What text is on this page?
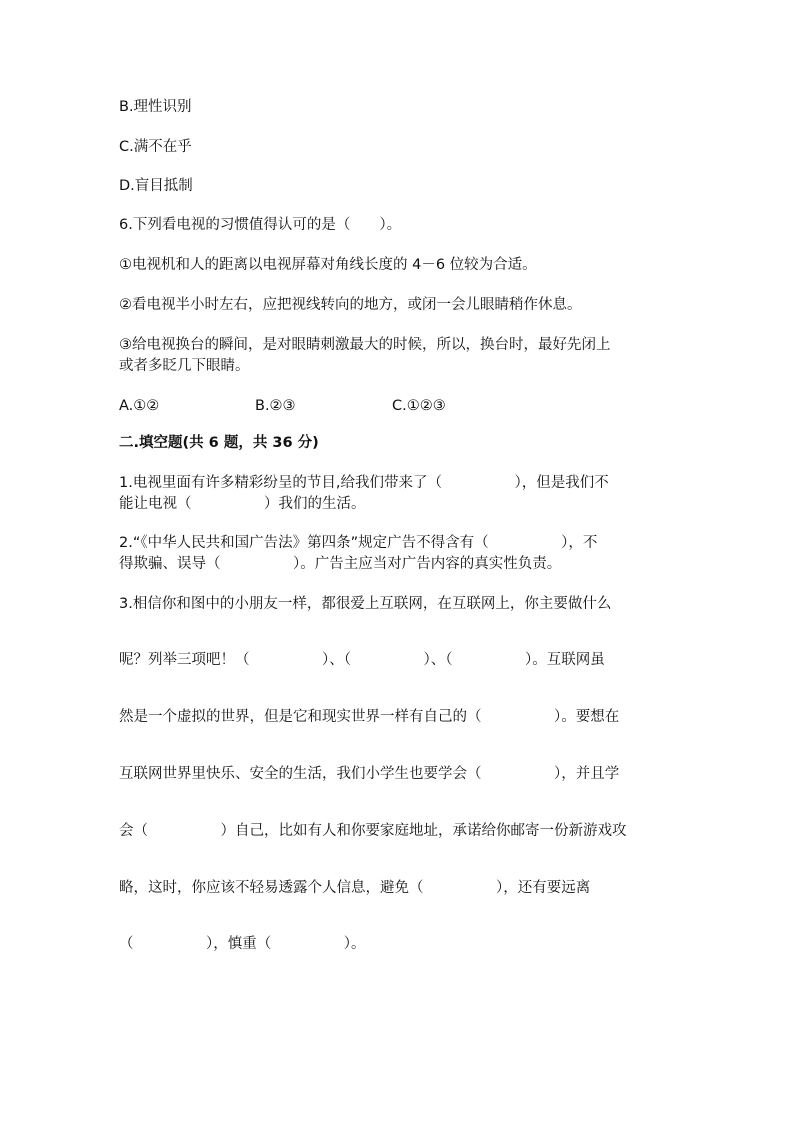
B.理性识别
C.满不在乎
D.盲目抵制
6.下列看电视的习惯值得认可的是（　　）。
①电视机和人的距离以电视屏幕对角线长度的 4－6 位较为合适。
②看电视半小时左右，应把视线转向的地方，或闭一会儿眼睛稍作休息。
③给电视换台的瞬间，是对眼睛刺激最大的时候，所以，换台时，最好先闭上
或者多眨几下眼睛。
A.①②	B.②③	C.①②③
二.填空题(共 6 题，共 36 分)
1.电视里面有许多精彩纷呈的节目,给我们带来了（　　　　　），但是我们不
能让电视（　　　　　）我们的生活。
2.“《中华人民共和国广告法》第四条”规定广告不得含有（　　　　　），不
得欺骗、误导（　　　　　）。广告主应当对广告内容的真实性负责。
3.相信你和图中的小朋友一样，都很爱上互联网，在互联网上，你主要做什么
呢？列举三项吧！（　　　　　）、（　　　　　）、（　　　　　）。互联网虽
然是一个虚拟的世界，但是它和现实世界一样有自己的（　　　　　）。要想在
互联网世界里快乐、安全的生活，我们小学生也要学会（　　　　　），并且学
会（　　　　　）自己，比如有人和你要家庭地址，承诺给你邮寄一份新游戏攻
略，这时，你应该不轻易透露个人信息，避免（　　　　　），还有要远离
（　　　　　），慎重（　　　　　）。
